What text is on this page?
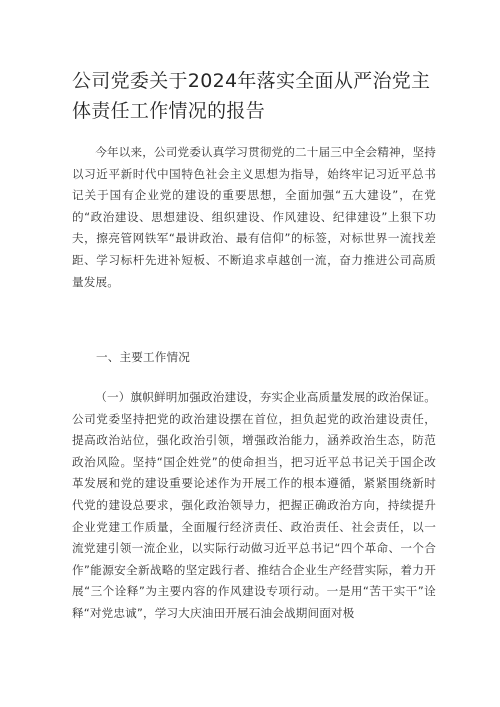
公司党委关于2024年落实全面从严治党主体责任工作情况的报告

今年以来，公司党委认真学习贯彻党的二十届三中全会精神，坚持以习近平新时代中国特色社会主义思想为指导，始终牢记习近平总书记关于国有企业党的建设的重要思想，全面加强“五大建设”，在党的“政治建设、思想建设、组织建设、作风建设、纪律建设”上狠下功夫，擦亮管网铁军“最讲政治、最有信仰”的标签，对标世界一流找差距、学习标杆先进补短板、不断追求卓越创一流，奋力推进公司高质量发展。

一、主要工作情况

（一）旗帜鲜明加强政治建设，夯实企业高质量发展的政治保证。公司党委坚持把党的政治建设摆在首位，担负起党的政治建设责任，提高政治站位，强化政治引领，增强政治能力，涵养政治生态，防范政治风险。坚持“国企姓党”的使命担当，把习近平总书记关于国企改革发展和党的建设重要论述作为开展工作的根本遵循，紧紧围绕新时代党的建设总要求，强化政治领导力，把握正确政治方向，持续提升企业党建工作质量，全面履行经济责任、政治责任、社会责任，以一流党建引领一流企业，以实际行动做习近平总书记“四个革命、一个合作”能源安全新战略的坚定践行者、推结合企业生产经营实际，着力开展“三个诠释”为主要内容的作风建设专项行动。一是用“苦干实干”诠释“对党忠诚”，学习大庆油田开展石油会战期间面对极
